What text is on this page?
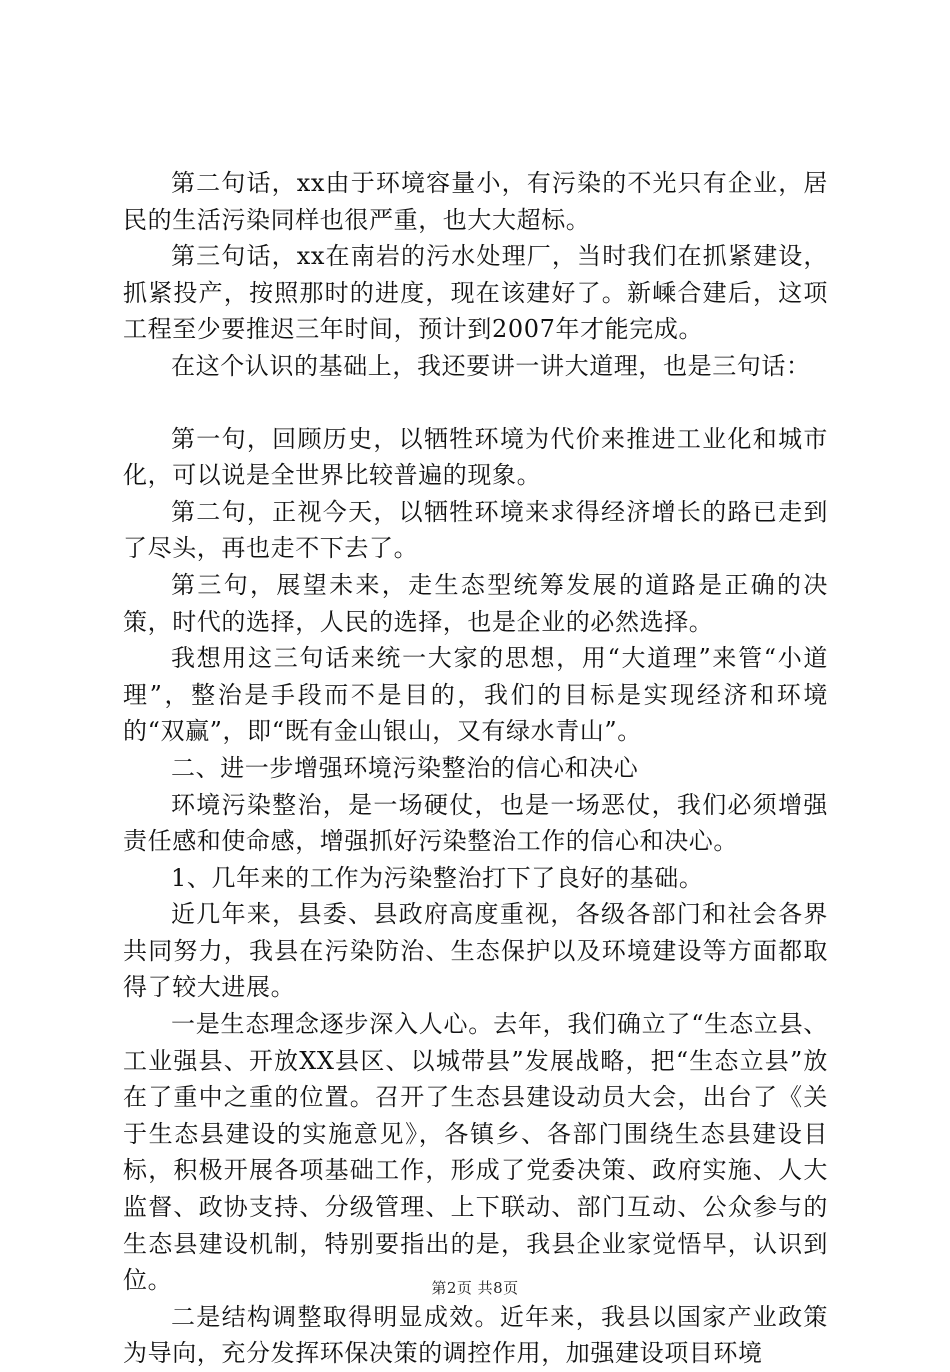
第二句话，xx由于环境容量小，有污染的不光只有企业，居民的生活污染同样也很严重，也大大超标。

第三句话，xx在南岩的污水处理厂，当时我们在抓紧建设，抓紧投产，按照那时的进度，现在该建好了。新嵊合建后，这项工程至少要推迟三年时间，预计到2007年才能完成。

在这个认识的基础上，我还要讲一讲大道理，也是三句话：

第一句，回顾历史，以牺牲环境为代价来推进工业化和城市化，可以说是全世界比较普遍的现象。

第二句，正视今天，以牺牲环境来求得经济增长的路已走到了尽头，再也走不下去了。

第三句，展望未来，走生态型统筹发展的道路是正确的决策，时代的选择，人民的选择，也是企业的必然选择。

我想用这三句话来统一大家的思想，用“大道理”来管“小道理”，整治是手段而不是目的，我们的目标是实现经济和环境的“双赢”，即“既有金山银山，又有绿水青山”。

二、进一步增强环境污染整治的信心和决心

环境污染整治，是一场硬仗，也是一场恶仗，我们必须增强责任感和使命感，增强抓好污染整治工作的信心和决心。

1、几年来的工作为污染整治打下了良好的基础。

近几年来，县委、县政府高度重视，各级各部门和社会各界共同努力，我县在污染防治、生态保护以及环境建设等方面都取得了较大进展。

一是生态理念逐步深入人心。去年，我们确立了“生态立县、工业强县、开放XX县区、以城带县”发展战略，把“生态立县”放在了重中之重的位置。召开了生态县建设动员大会，出台了《关于生态县建设的实施意见》，各镇乡、各部门围绕生态县建设目标，积极开展各项基础工作，形成了党委决策、政府实施、人大监督、政协支持、分级管理、上下联动、部门互动、公众参与的生态县建设机制，特别要指出的是，我县企业家觉悟早，认识到位。

二是结构调整取得明显成效。近年来，我县以国家产业政策为导向，充分发挥环保决策的调控作用，加强建设项目环境

第2页 共8页
